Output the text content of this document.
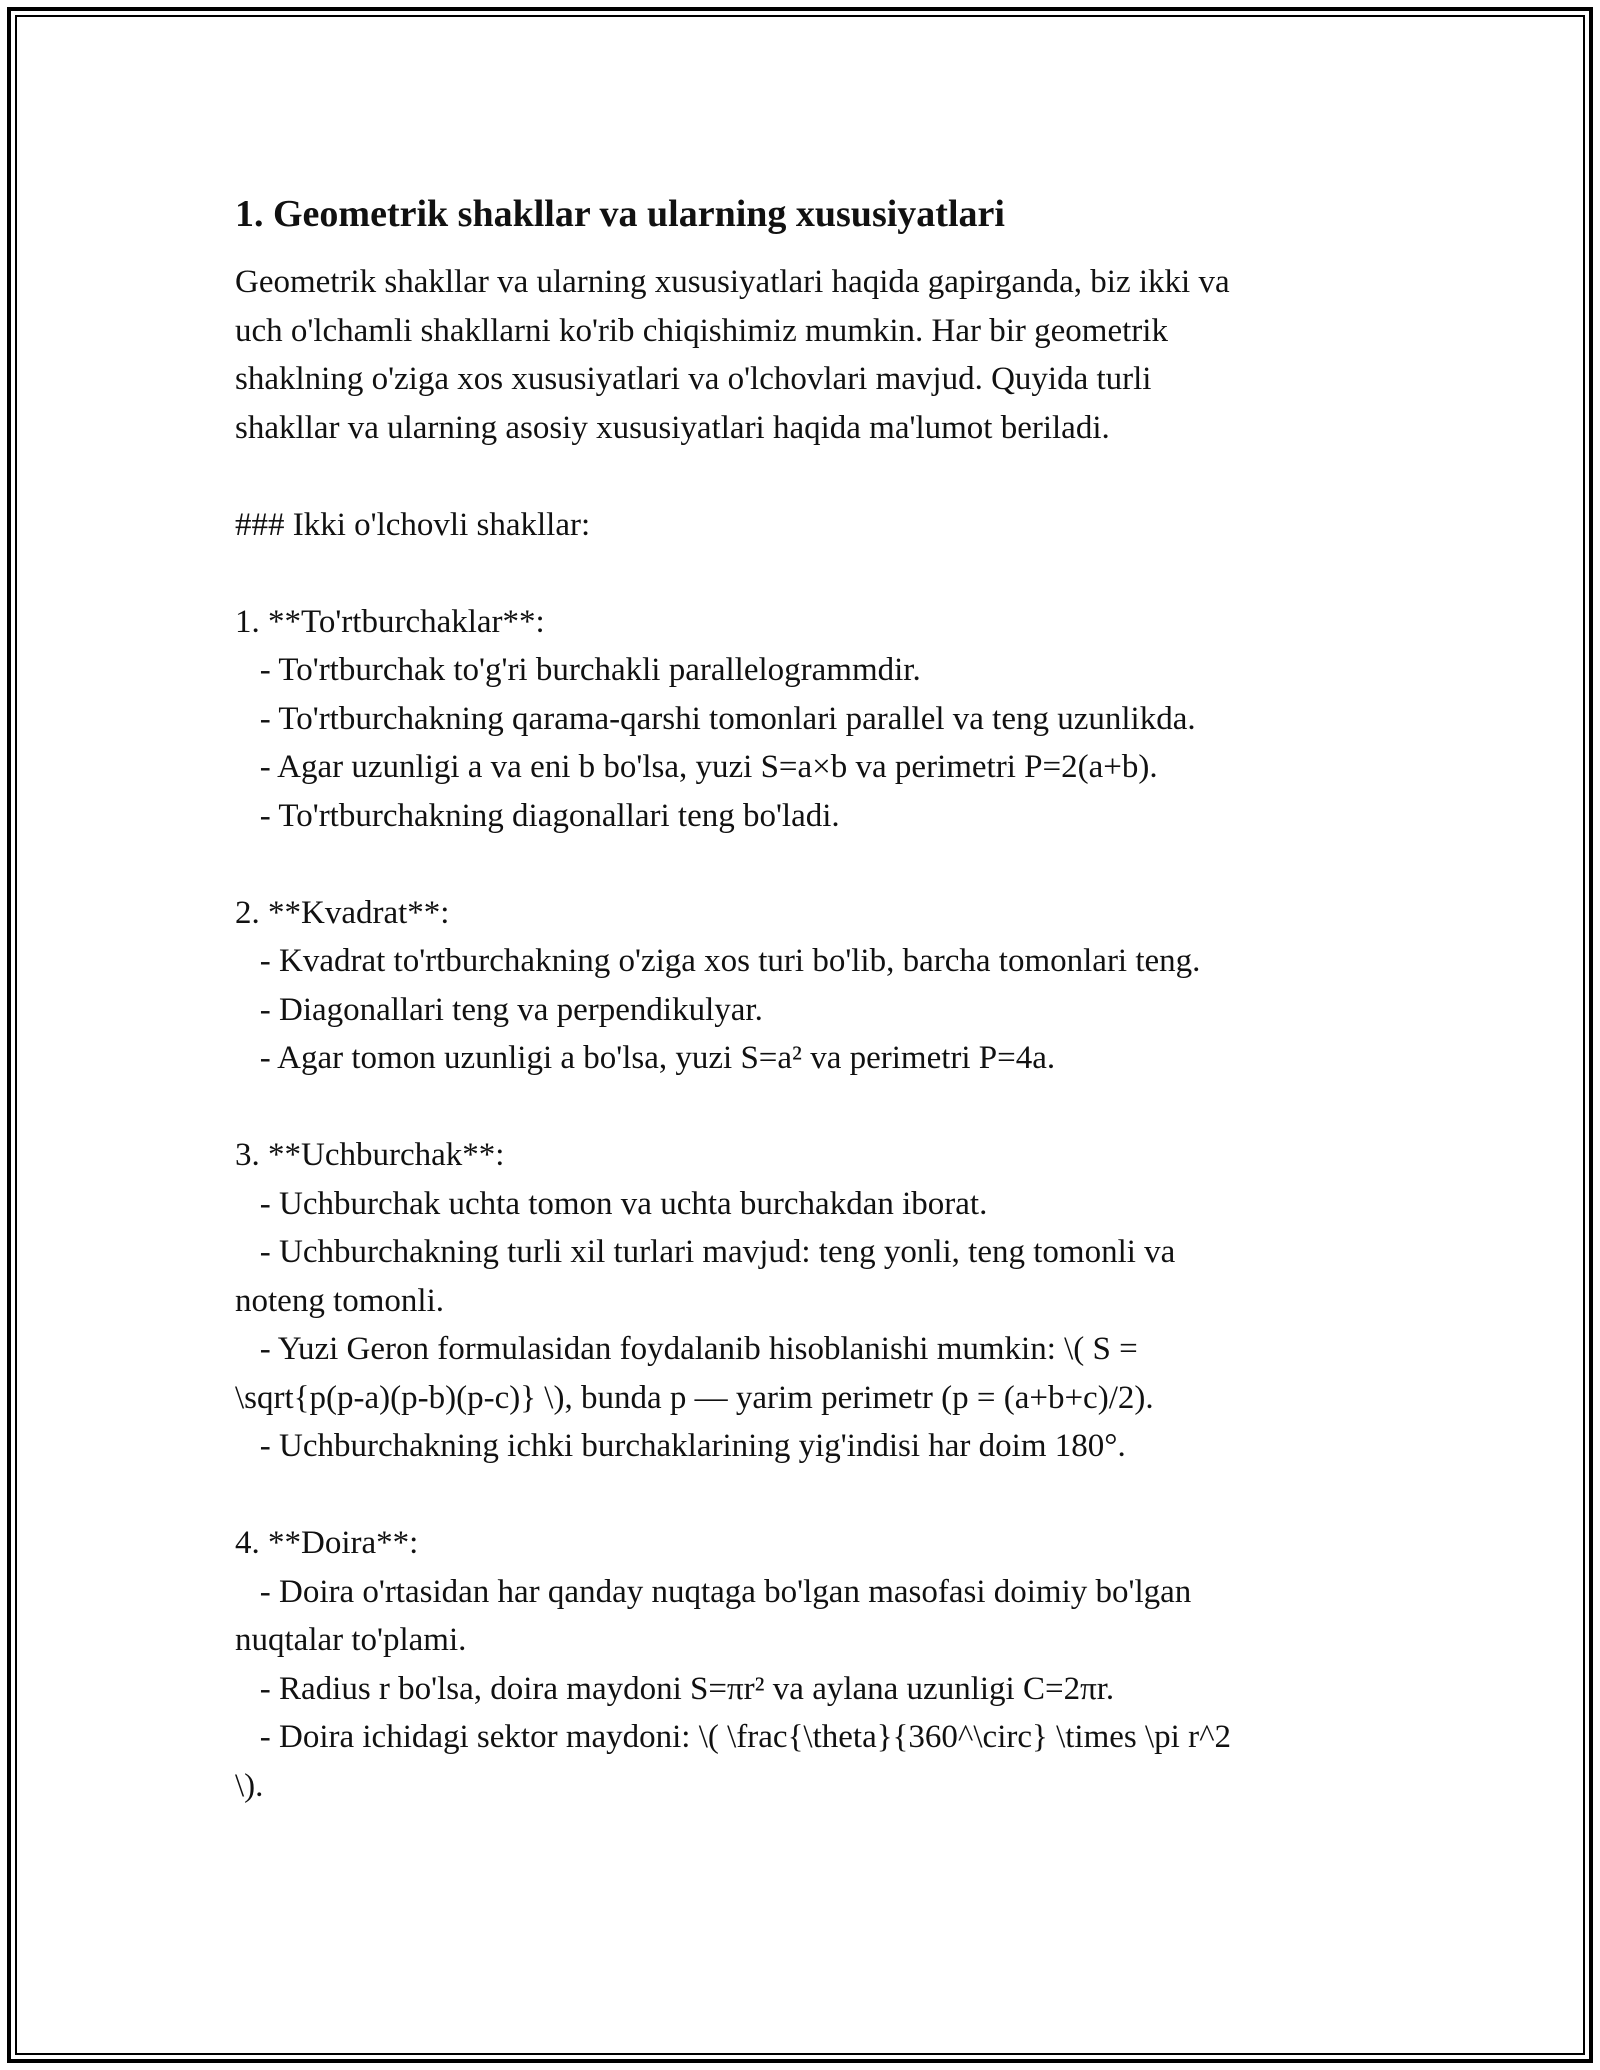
1. Geometrik shakllar va ularning xususiyatlari

Geometrik shakllar va ularning xususiyatlari haqida gapirganda, biz ikki va
uch o'lchamli shakllarni ko'rib chiqishimiz mumkin. Har bir geometrik
shaklning o'ziga xos xususiyatlari va o'lchovlari mavjud. Quyida turli
shakllar va ularning asosiy xususiyatlari haqida ma'lumot beriladi.

### Ikki o'lchovli shakllar:

1. **To'rtburchaklar**:
- To'rtburchak to'g'ri burchakli parallelogrammdir.
- To'rtburchakning qarama-qarshi tomonlari parallel va teng uzunlikda.
- Agar uzunligi a va eni b bo'lsa, yuzi S=a×b va perimetri P=2(a+b).
- To'rtburchakning diagonallari teng bo'ladi.

2. **Kvadrat**:
- Kvadrat to'rtburchakning o'ziga xos turi bo'lib, barcha tomonlari teng.
- Diagonallari teng va perpendikulyar.
- Agar tomon uzunligi a bo'lsa, yuzi S=a² va perimetri P=4a.

3. **Uchburchak**:
- Uchburchak uchta tomon va uchta burchakdan iborat.
- Uchburchakning turli xil turlari mavjud: teng yonli, teng tomonli va
noteng tomonli.
- Yuzi Geron formulasidan foydalanib hisoblanishi mumkin: \( S =
\sqrt{p(p-a)(p-b)(p-c)} \), bunda p — yarim perimetr (p = (a+b+c)/2).
- Uchburchakning ichki burchaklarining yig'indisi har doim 180°.

4. **Doira**:
- Doira o'rtasidan har qanday nuqtaga bo'lgan masofasi doimiy bo'lgan
nuqtalar to'plami.
- Radius r bo'lsa, doira maydoni S=πr² va aylana uzunligi C=2πr.
- Doira ichidagi sektor maydoni: \( \frac{\theta}{360^\circ} \times \pi r^2
\).
